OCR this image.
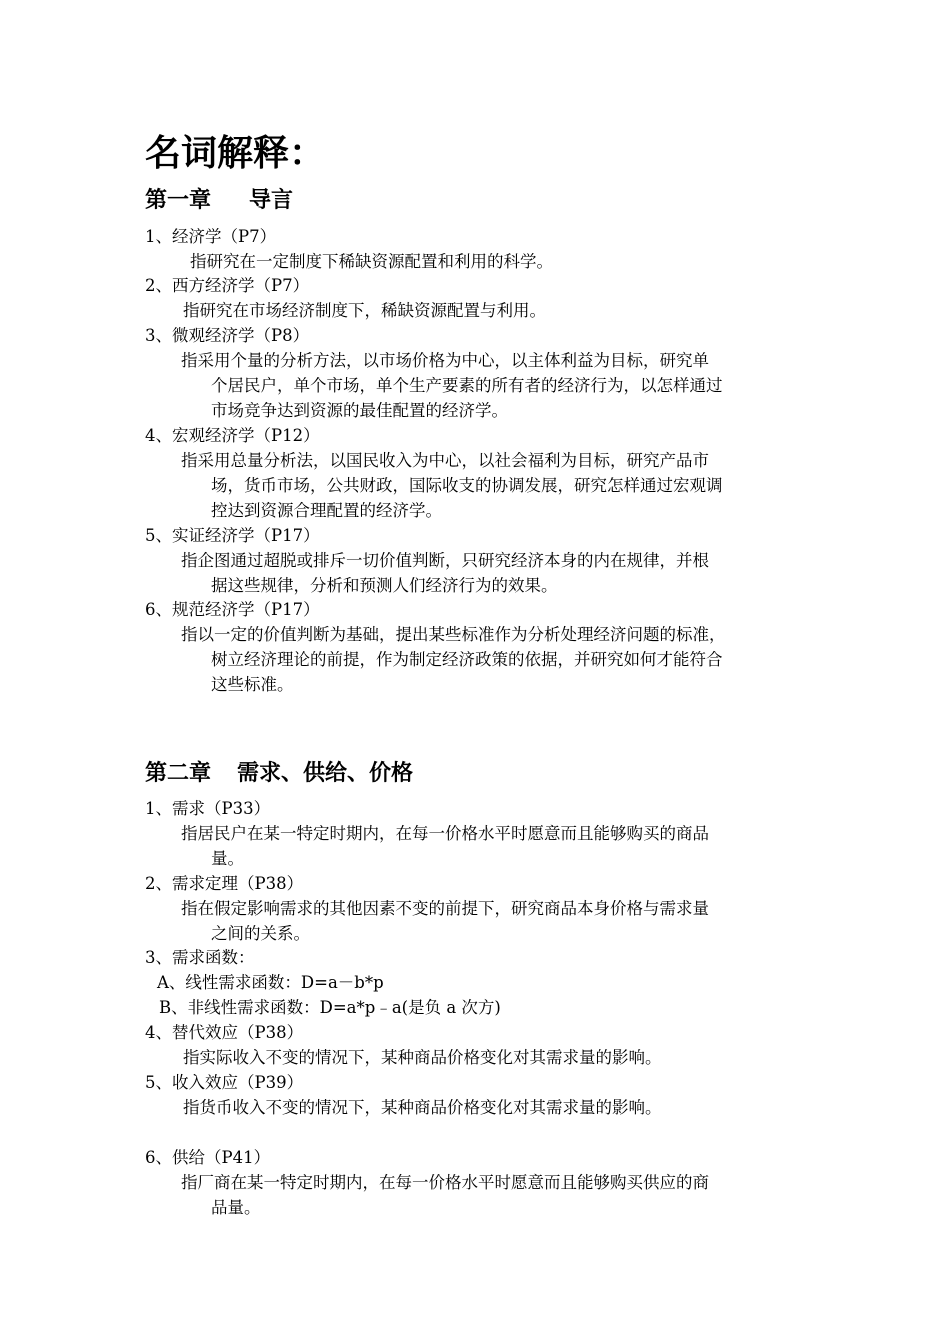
名词解释：
第一章 导言
1、经济学（P7）
指研究在一定制度下稀缺资源配置和利用的科学。
2、西方经济学（P7）
指研究在市场经济制度下，稀缺资源配置与利用。
3、微观经济学（P8）
指采用个量的分析方法，以市场价格为中心，以主体利益为目标，研究单
个居民户，单个市场，单个生产要素的所有者的经济行为，以怎样通过
市场竞争达到资源的最佳配置的经济学。
4、宏观经济学（P12）
指采用总量分析法，以国民收入为中心，以社会福利为目标，研究产品市
场，货币市场，公共财政，国际收支的协调发展，研究怎样通过宏观调
控达到资源合理配置的经济学。
5、实证经济学（P17）
指企图通过超脱或排斥一切价值判断，只研究经济本身的内在规律，并根
据这些规律，分析和预测人们经济行为的效果。
6、规范经济学（P17）
指以一定的价值判断为基础，提出某些标准作为分析处理经济问题的标准，
树立经济理论的前提，作为制定经济政策的依据，并研究如何才能符合
这些标准。
第二章 需求、供给、价格
1、需求（P33）
指居民户在某一特定时期内，在每一价格水平时愿意而且能够购买的商品
量。
2、需求定理（P38）
指在假定影响需求的其他因素不变的前提下，研究商品本身价格与需求量
之间的关系。
3、需求函数：
A、线性需求函数：D=a－b*p
B、非线性需求函数：D=a*p﹣a(是负 a 次方)
4、替代效应（P38）
指实际收入不变的情况下，某种商品价格变化对其需求量的影响。
5、收入效应（P39）
指货币收入不变的情况下，某种商品价格变化对其需求量的影响。
6、供给（P41）
指厂商在某一特定时期内，在每一价格水平时愿意而且能够购买供应的商
品量。
